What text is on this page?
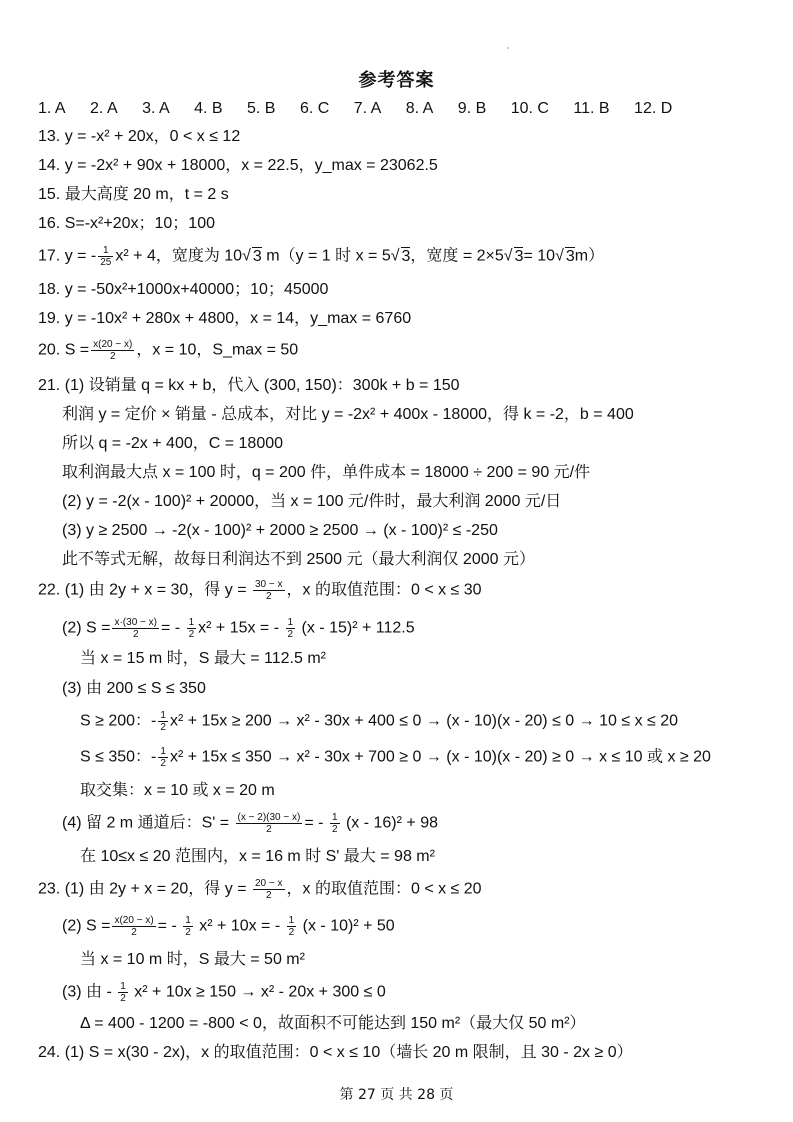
参考答案
1. A 2. A 3. A 4. B 5. B 6. C 7. A 8. A 9. B 10. C 11. B 12. D
13. y = -x² + 20x，0 < x ≤ 12
14. y = -2x² + 90x + 18000，x = 22.5，y_max = 23062.5
15. 最大高度 20 m，t = 2 s
16. S=-x²+20x；10；100
17. y = - $\frac{1}{25} x^2 + 4$，宽度为 10√ 3 m（y = 1 时 x = 5√ 3，宽度 = 2×5√ 3= 10√ 3m）
18. y = -50x²+1000x+40000；10；45000
19. y = -10x² + 280x + 4800，x = 14，y_max = 6760
20. $S = \frac{x(20 - x)}{2}$ ，x = 10，S_max = 50
21. (1) 设销量 q = kx + b，代入 (300, 150)：300k + b = 150
利润 y = 定价 × 销量 - 总成本，对比 y = -2x² + 400x - 18000，得 k = -2，b = 400
所以 q = -2x + 400，C = 18000
取利润最大点 x = 100 时，q = 200 件，单件成本 = 18000 ÷ 200 = 90 元/件
(2) y = -2(x - 100)² + 20000，当 x = 100 元/件时，最大利润 2000 元/日
(3) y ≥ 2500 → -2(x - 100)² + 2000 ≥ 2500 → (x - 100)² ≤ -250
此不等式无解，故每日利润达不到 2500 元（最大利润仅 2000 元）
22. (1) 由 2y + x = 30，得 $y = \frac{30 - x}{2}$ ，x 的取值范围：0 < x ≤ 30
(2) $S = \frac{x\cdot(30 - x)}{2}$ = - $\frac{1}{2} x^2 + 15x$ = - $\frac{1}{2} (x - 15)^2 + 112.5$
当 x = 15 m 时，S 最大 = 112.5 m²
(3) 由 200 ≤ S ≤ 350
S ≥ 200：- $\frac{1}{2} x^2 + 15x \ge 200 \to x^2 - 30x + 400 \le 0 \to (x - 10)(x - 20) \le 0 \to 10 \le x \le 20$
S ≤ 350：- $\frac{1}{2} x^2 + 15x \le 350 \to x^2 - 30x + 700 \ge 0 \to (x - 10)(x - 20) \ge 0 \to x \le 10$ 或 x ≥ 20
取交集：x = 10 或 x = 20 m
(4) 留 2 m 通道后：$S' = \frac{(x - 2)(30 - x)}{2}$ = - $\frac{1}{2} (x - 16)^2 + 98$
在 10≤x ≤ 20 范围内，x = 16 m 时 S' 最大 = 98 m²
23. (1) 由 2y + x = 20，得 $y = \frac{20 - x}{2}$ ，x 的取值范围：0 < x ≤ 20
(2) $S = \frac{x(20 - x)}{2}$ = - $\frac{1}{2} x^2 + 10x$ = - $\frac{1}{2} (x - 10)^2 + 50$
当 x = 10 m 时，S 最大 = 50 m²
(3) 由 - $\frac{1}{2} x^2 + 10x \ge 150 \to x^2 - 20x + 300 \le 0$
Δ = 400 - 1200 = -800 < 0，故面积不可能达到 150 m²（最大仅 50 m²）
24. (1) S = x(30 - 2x)，x 的取值范围：0 < x ≤ 10（墙长 20 m 限制，且 30 - 2x ≥ 0）
第 27 页 共 28 页
